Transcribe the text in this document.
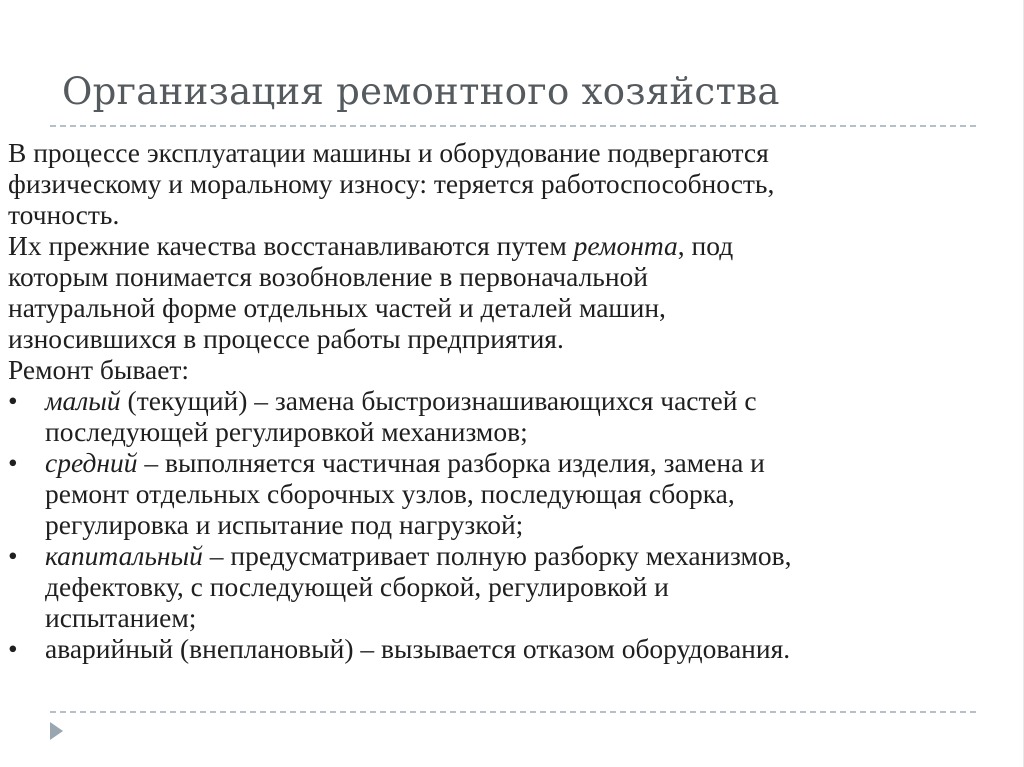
Организация ремонтного хозяйства

В процессе эксплуатации машины и оборудование подвергаются
физическому и моральному износу: теряется работоспособность,
точность.

Их прежние качества восстанавливаются путем ремонта, под
которым понимается возобновление в первоначальной
натуральной форме отдельных частей и деталей машин,
износившихся в процессе работы предприятия.

Ремонт бывает:

• малый (текущий) – замена быстроизнашивающихся частей с
последующей регулировкой механизмов;
• средний – выполняется частичная разборка изделия, замена и
ремонт отдельных сборочных узлов, последующая сборка,
регулировка и испытание под нагрузкой;
• капитальный – предусматривает полную разборку механизмов,
дефектовку, с последующей сборкой, регулировкой и
испытанием;
• аварийный (внеплановый) – вызывается отказом оборудования.
